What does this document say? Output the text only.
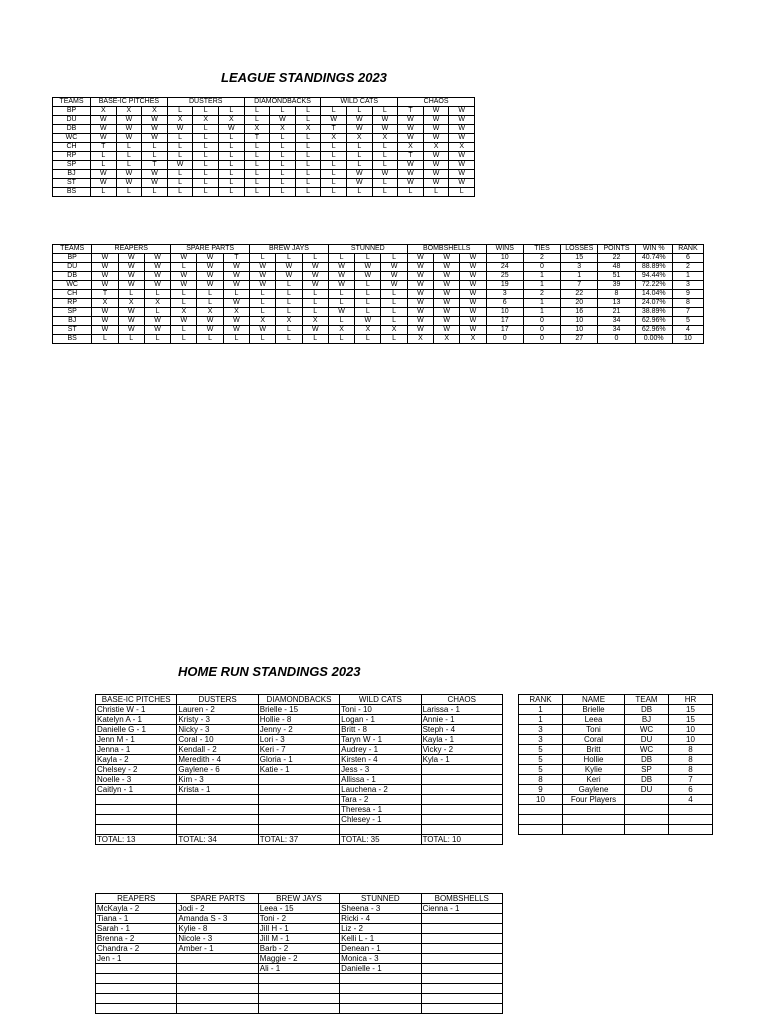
LEAGUE STANDINGS 2023
TEAMS	BASE-IC PITCHES			DUSTERS			DIAMONDBACKS			WILD CATS			CHAOS		
BP	X	X	X	L	L	L	L	L	L	L	L	L	T	W	W
DU	W	W	W	X	X	X	L	W	L	W	W	W	W	W	W
DB	W	W	W	W	L	W	X	X	X	T	W	W	W	W	W
WC	W	W	W	L	L	L	T	L	L	X	X	X	W	W	W
CH	T	L	L	L	L	L	L	L	L	L	L	L	X	X	X
RP	L	L	L	L	L	L	L	L	L	L	L	L	T	W	W
SP	L	L	T	W	L	L	L	L	L	L	L	L	W	W	W
BJ	W	W	W	L	L	L	L	L	L	L	W	W	W	W	W
ST	W	W	W	L	L	L	L	L	L	L	W	L	W	W	W
BS	L	L	L	L	L	L	L	L	L	L	L	L	L	L	L
TEAMS	REAPERS			SPARE PARTS			BREW JAYS			STUNNED			BOMBSHELLS			WINS	TIES	LOSSES	POINTS	WIN %	RANK
BP	W	W	W	W	W	T	L	L	L	L	L	L	W	W	W	10	2	15	22	40.74%	6
DU	W	W	W	L	W	W	W	W	W	W	W	W	W	W	W	24	0	3	48	88.89%	2
DB	W	W	W	W	W	W	W	W	W	W	W	W	W	W	W	25	1	1	51	94.44%	1
WC	W	W	W	W	W	W	W	L	W	W	L	W	W	W	W	19	1	7	39	72.22%	3
CH	T	L	L	L	L	L	L	L	L	L	L	L	W	W	W	3	2	22	8	14.04%	9
RP	X	X	X	L	L	W	L	L	L	L	L	L	W	W	W	6	1	20	13	24.07%	8
SP	W	W	L	X	X	X	L	L	L	W	L	L	W	W	W	10	1	16	21	38.89%	7
BJ	W	W	W	W	W	W	X	X	X	L	W	L	W	W	W	17	0	10	34	62.96%	5
ST	W	W	W	L	W	W	W	L	W	X	X	X	W	W	W	17	0	10	34	62.96%	4
BS	L	L	L	L	L	L	L	L	L	L	L	L	X	X	X	0	0	27	0	0.00%	10
HOME RUN STANDINGS 2023
BASE-IC PITCHES	DUSTERS	DIAMONDBACKS	WILD CATS	CHAOS
Christie W - 1	Lauren - 2	Brielle - 15	Toni - 10	Larissa - 1
Katelyn A - 1	Kristy - 3	Hollie - 8	Logan - 1	Annie - 1
Danielle G - 1	Nicky - 3	Jenny - 2	Britt - 8	Steph - 4
Jenn M - 1	Coral - 10	Lori - 3	Taryn W - 1	Kayla - 1
Jenna - 1	Kendall - 2	Keri - 7	Audrey - 1	Vicky - 2
Kayla - 2	Meredith - 4	Gloria - 1	Kirsten - 4	Kyla - 1
Chelsey - 2	Gaylene - 6	Katie - 1	Jess - 3	
Noelle - 3	Kim - 3		Allissa - 1	
Caitlyn - 1	Krista - 1		Lauchena - 2	
			Tara - 2	
			Theresa - 1	
			Chlesey - 1	

TOTAL: 13	TOTAL: 34	TOTAL: 37	TOTAL: 35	TOTAL: 10
RANK	NAME	TEAM	HR
1	Brielle	DB	15
1	Leea	BJ	15
3	Toni	WC	10
3	Coral	DU	10
5	Britt	WC	8
5	Hollie	DB	8
5	Kylie	SP	8
8	Keri	DB	7
9	Gaylene	DU	6
10	Four Players		4

REAPERS	SPARE PARTS	BREW JAYS	STUNNED	BOMBSHELLS
McKayla - 2	Jodi - 2	Leea - 15	Sheena - 3	Cienna - 1
Tiana - 1	Amanda S - 3	Toni - 2	Ricki - 4	
Sarah - 1	Kylie - 8	Jill H - 1	Liz - 2	
Brenna - 2	Nicole - 3	Jill M - 1	Kelli L - 1	
Chandra - 2	Amber - 1	Barb - 2	Denean - 1	
Jen - 1		Maggie - 2	Monica - 3	
		Ali - 1	Danielle - 1	
